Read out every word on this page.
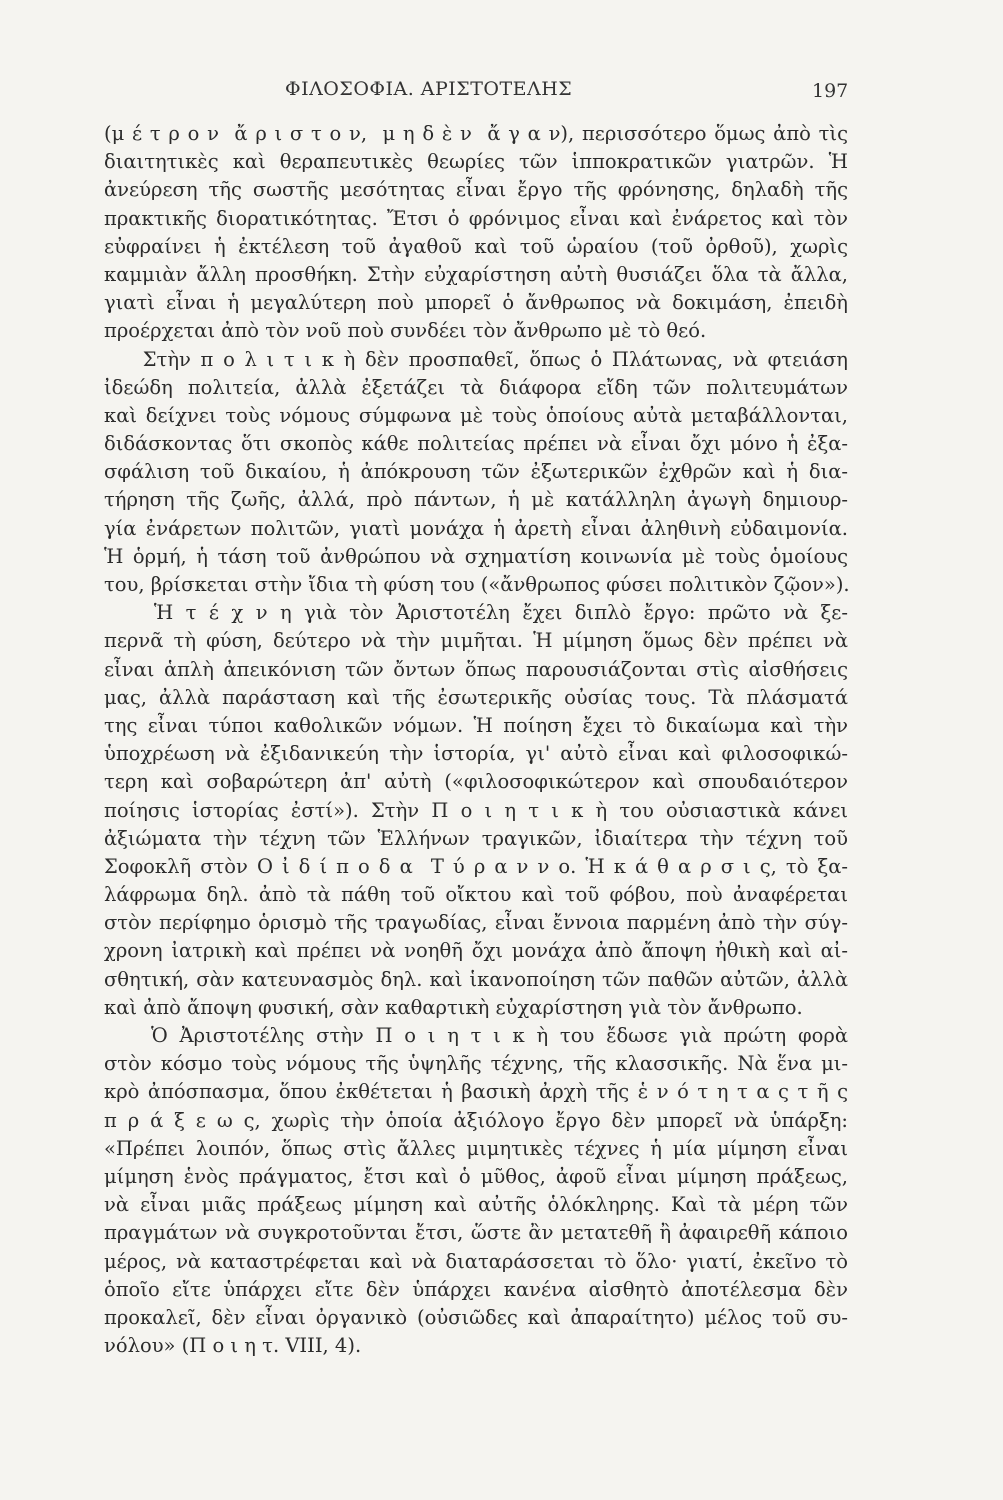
ΦΙΛΟΣΟΦΙΑ. ΑΡΙΣΤΟΤΕΛΗΣ	197
(μ έ τ ρ ο ν  ἄ ρ ι σ τ ο ν,  μ η δ ὲ ν  ἄ γ α ν), περισσότερο ὅμως ἀπὸ τὶς
διαιτητικὲς καὶ θεραπευτικὲς θεωρίες τῶν ἱπποκρατικῶν γιατρῶν. Ἡ
ἀνεύρεση τῆς σωστῆς μεσότητας εἶναι ἔργο τῆς φρόνησης, δηλαδὴ τῆς
πρακτικῆς διορατικότητας. Ἔτσι ὁ φρόνιμος εἶναι καὶ ἐνάρετος καὶ τὸν
εὐφραίνει ἡ ἐκτέλεση τοῦ ἀγαθοῦ καὶ τοῦ ὡραίου (τοῦ ὀρθοῦ), χωρὶς
καμμιὰν ἄλλη προσθήκη. Στὴν εὐχαρίστηση αὐτὴ θυσιάζει ὅλα τὰ ἄλλα,
γιατὶ εἶναι ἡ μεγαλύτερη ποὺ μπορεῖ ὁ ἄνθρωπος νὰ δοκιμάση, ἐπειδὴ
προέρχεται ἀπὸ τὸν νοῦ ποὺ συνδέει τὸν ἄνθρωπο μὲ τὸ θεό.
Στὴν π ο λ ι τ ι κ ὴ δὲν προσπαθεῖ, ὅπως ὁ Πλάτωνας, νὰ φτειάση
ἰδεώδη πολιτεία, ἀλλὰ ἐξετάζει τὰ διάφορα εἴδη τῶν πολιτευμάτων
καὶ δείχνει τοὺς νόμους σύμφωνα μὲ τοὺς ὁποίους αὐτὰ μεταβάλλονται,
διδάσκοντας ὅτι σκοπὸς κάθε πολιτείας πρέπει νὰ εἶναι ὄχι μόνο ἡ ἐξα-
σφάλιση τοῦ δικαίου, ἡ ἀπόκρουση τῶν ἐξωτερικῶν ἐχθρῶν καὶ ἡ δια-
τήρηση τῆς ζωῆς, ἀλλά, πρὸ πάντων, ἡ μὲ κατάλληλη ἀγωγὴ δημιουρ-
γία ἐνάρετων πολιτῶν, γιατὶ μονάχα ἡ ἀρετὴ εἶναι ἀληθινὴ εὐδαιμονία.
Ἡ ὁρμή, ἡ τάση τοῦ ἀνθρώπου νὰ σχηματίση κοινωνία μὲ τοὺς ὁμοίους
του, βρίσκεται στὴν ἴδια τὴ φύση του («ἄνθρωπος φύσει πολιτικὸν ζῷον»).
Ἡ τ έ χ ν η γιὰ τὸν Ἀριστοτέλη ἔχει διπλὸ ἔργο: πρῶτο νὰ ξε-
περνᾶ τὴ φύση, δεύτερο νὰ τὴν μιμῆται. Ἡ μίμηση ὅμως δὲν πρέπει νὰ
εἶναι ἁπλὴ ἀπεικόνιση τῶν ὄντων ὅπως παρουσιάζονται στὶς αἰσθήσεις
μας, ἀλλὰ παράσταση καὶ τῆς ἐσωτερικῆς οὐσίας τους. Τὰ πλάσματά
της εἶναι τύποι καθολικῶν νόμων. Ἡ ποίηση ἔχει τὸ δικαίωμα καὶ τὴν
ὑποχρέωση νὰ ἐξιδανικεύη τὴν ἱστορία, γι' αὐτὸ εἶναι καὶ φιλοσοφικώ-
τερη καὶ σοβαρώτερη ἀπ' αὐτὴ («φιλοσοφικώτερον καὶ σπουδαιότερον
ποίησις ἱστορίας ἐστί»). Στὴν Π ο ι η τ ι κ ὴ του οὐσιαστικὰ κάνει
ἀξιώματα τὴν τέχνη τῶν Ἑλλήνων τραγικῶν, ἰδιαίτερα τὴν τέχνη τοῦ
Σοφοκλῆ στὸν Ο ἰ δ ί π ο δ α  Τ ύ ρ α ν ν ο. Ἡ κ ά θ α ρ σ ι ς, τὸ ξα-
λάφρωμα δηλ. ἀπὸ τὰ πάθη τοῦ οἴκτου καὶ τοῦ φόβου, ποὺ ἀναφέρεται
στὸν περίφημο ὁρισμὸ τῆς τραγωδίας, εἶναι ἔννοια παρμένη ἀπὸ τὴν σύγ-
χρονη ἰατρικὴ καὶ πρέπει νὰ νοηθῆ ὄχι μονάχα ἀπὸ ἄποψη ἠθικὴ καὶ αἰ-
σθητική, σὰν κατευνασμὸς δηλ. καὶ ἱκανοποίηση τῶν παθῶν αὐτῶν, ἀλλὰ
καὶ ἀπὸ ἄποψη φυσική, σὰν καθαρτικὴ εὐχαρίστηση γιὰ τὸν ἄνθρωπο.
Ὁ Ἀριστοτέλης στὴν Π ο ι η τ ι κ ὴ του ἔδωσε γιὰ πρώτη φορὰ
στὸν κόσμο τοὺς νόμους τῆς ὑψηλῆς τέχνης, τῆς κλασσικῆς. Νὰ ἕνα μι-
κρὸ ἀπόσπασμα, ὅπου ἐκθέτεται ἡ βασικὴ ἀρχὴ τῆς ἑ ν ό τ η τ α ς τ ῆ ς
π ρ ά ξ ε ω ς, χωρὶς τὴν ὁποία ἀξιόλογο ἔργο δὲν μπορεῖ νὰ ὑπάρξη:
«Πρέπει λοιπόν, ὅπως στὶς ἄλλες μιμητικὲς τέχνες ἡ μία μίμηση εἶναι
μίμηση ἑνὸς πράγματος, ἔτσι καὶ ὁ μῦθος, ἀφοῦ εἶναι μίμηση πράξεως,
νὰ εἶναι μιᾶς πράξεως μίμηση καὶ αὐτῆς ὁλόκληρης. Καὶ τὰ μέρη τῶν
πραγμάτων νὰ συγκροτοῦνται ἔτσι, ὥστε ἂν μετατεθῆ ἢ ἀφαιρεθῆ κάποιο
μέρος, νὰ καταστρέφεται καὶ νὰ διαταράσσεται τὸ ὅλο· γιατί, ἐκεῖνο τὸ
ὁποῖο εἴτε ὑπάρχει εἴτε δὲν ὑπάρχει κανένα αἰσθητὸ ἀποτέλεσμα δὲν
προκαλεῖ, δὲν εἶναι ὀργανικὸ (οὐσιῶδες καὶ ἀπαραίτητο) μέλος τοῦ συ-
νόλου» (Π ο ι η τ. VIII, 4).
